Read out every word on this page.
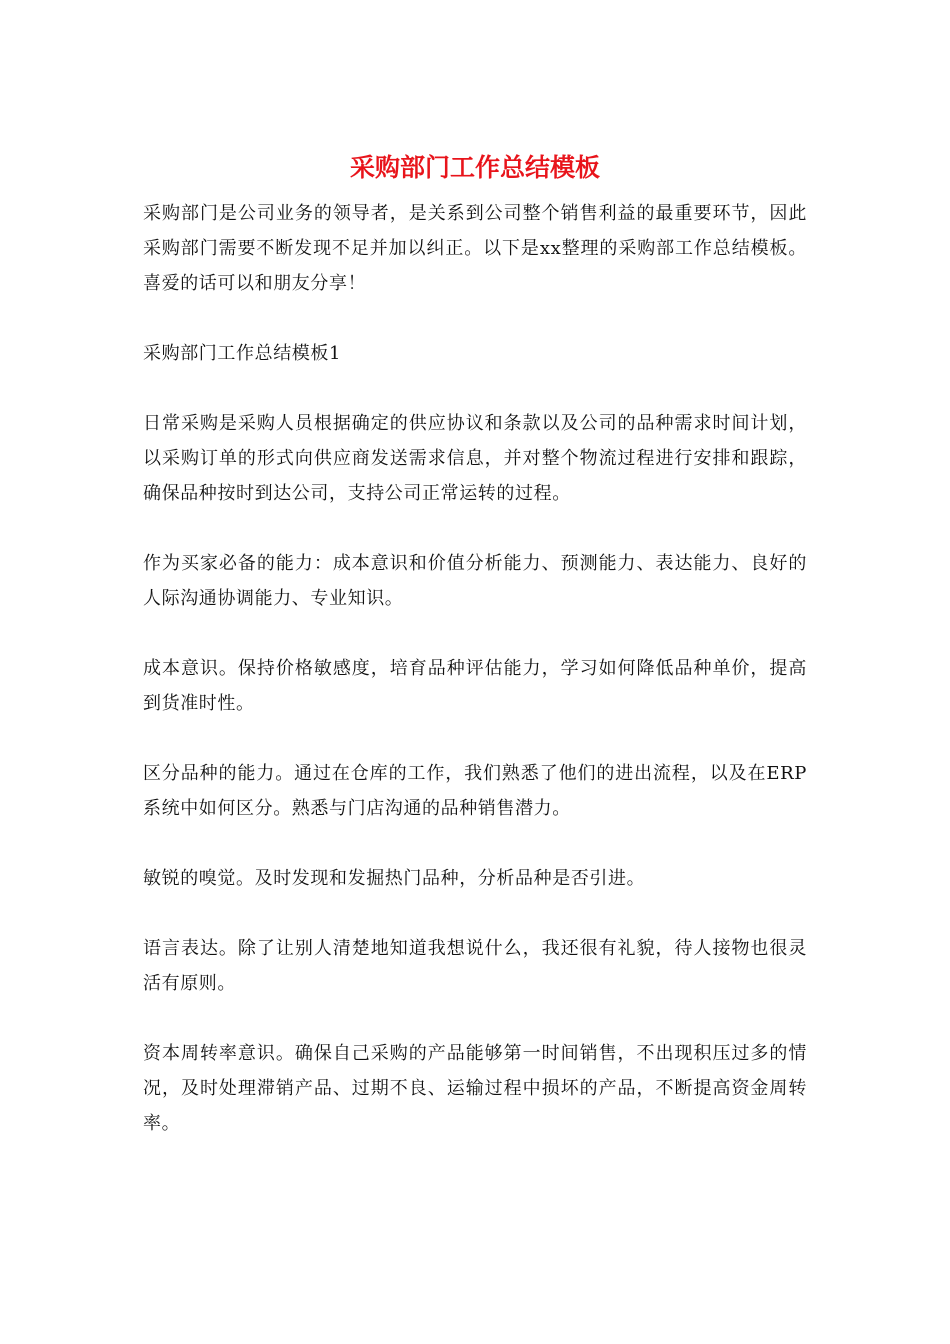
采购部门工作总结模板

采购部门是公司业务的领导者，是关系到公司整个销售利益的最重要环节，因此采购部门需要不断发现不足并加以纠正。以下是xx整理的采购部工作总结模板。喜爱的话可以和朋友分享！

采购部门工作总结模板1

日常采购是采购人员根据确定的供应协议和条款以及公司的品种需求时间计划，以采购订单的形式向供应商发送需求信息，并对整个物流过程进行安排和跟踪，确保品种按时到达公司，支持公司正常运转的过程。

作为买家必备的能力：成本意识和价值分析能力、预测能力、表达能力、良好的人际沟通协调能力、专业知识。

成本意识。保持价格敏感度，培育品种评估能力，学习如何降低品种单价，提高到货准时性。

区分品种的能力。通过在仓库的工作，我们熟悉了他们的进出流程，以及在ERP系统中如何区分。熟悉与门店沟通的品种销售潜力。

敏锐的嗅觉。及时发现和发掘热门品种，分析品种是否引进。

语言表达。除了让别人清楚地知道我想说什么，我还很有礼貌，待人接物也很灵活有原则。

资本周转率意识。确保自己采购的产品能够第一时间销售，不出现积压过多的情况，及时处理滞销产品、过期不良、运输过程中损坏的产品，不断提高资金周转率。
